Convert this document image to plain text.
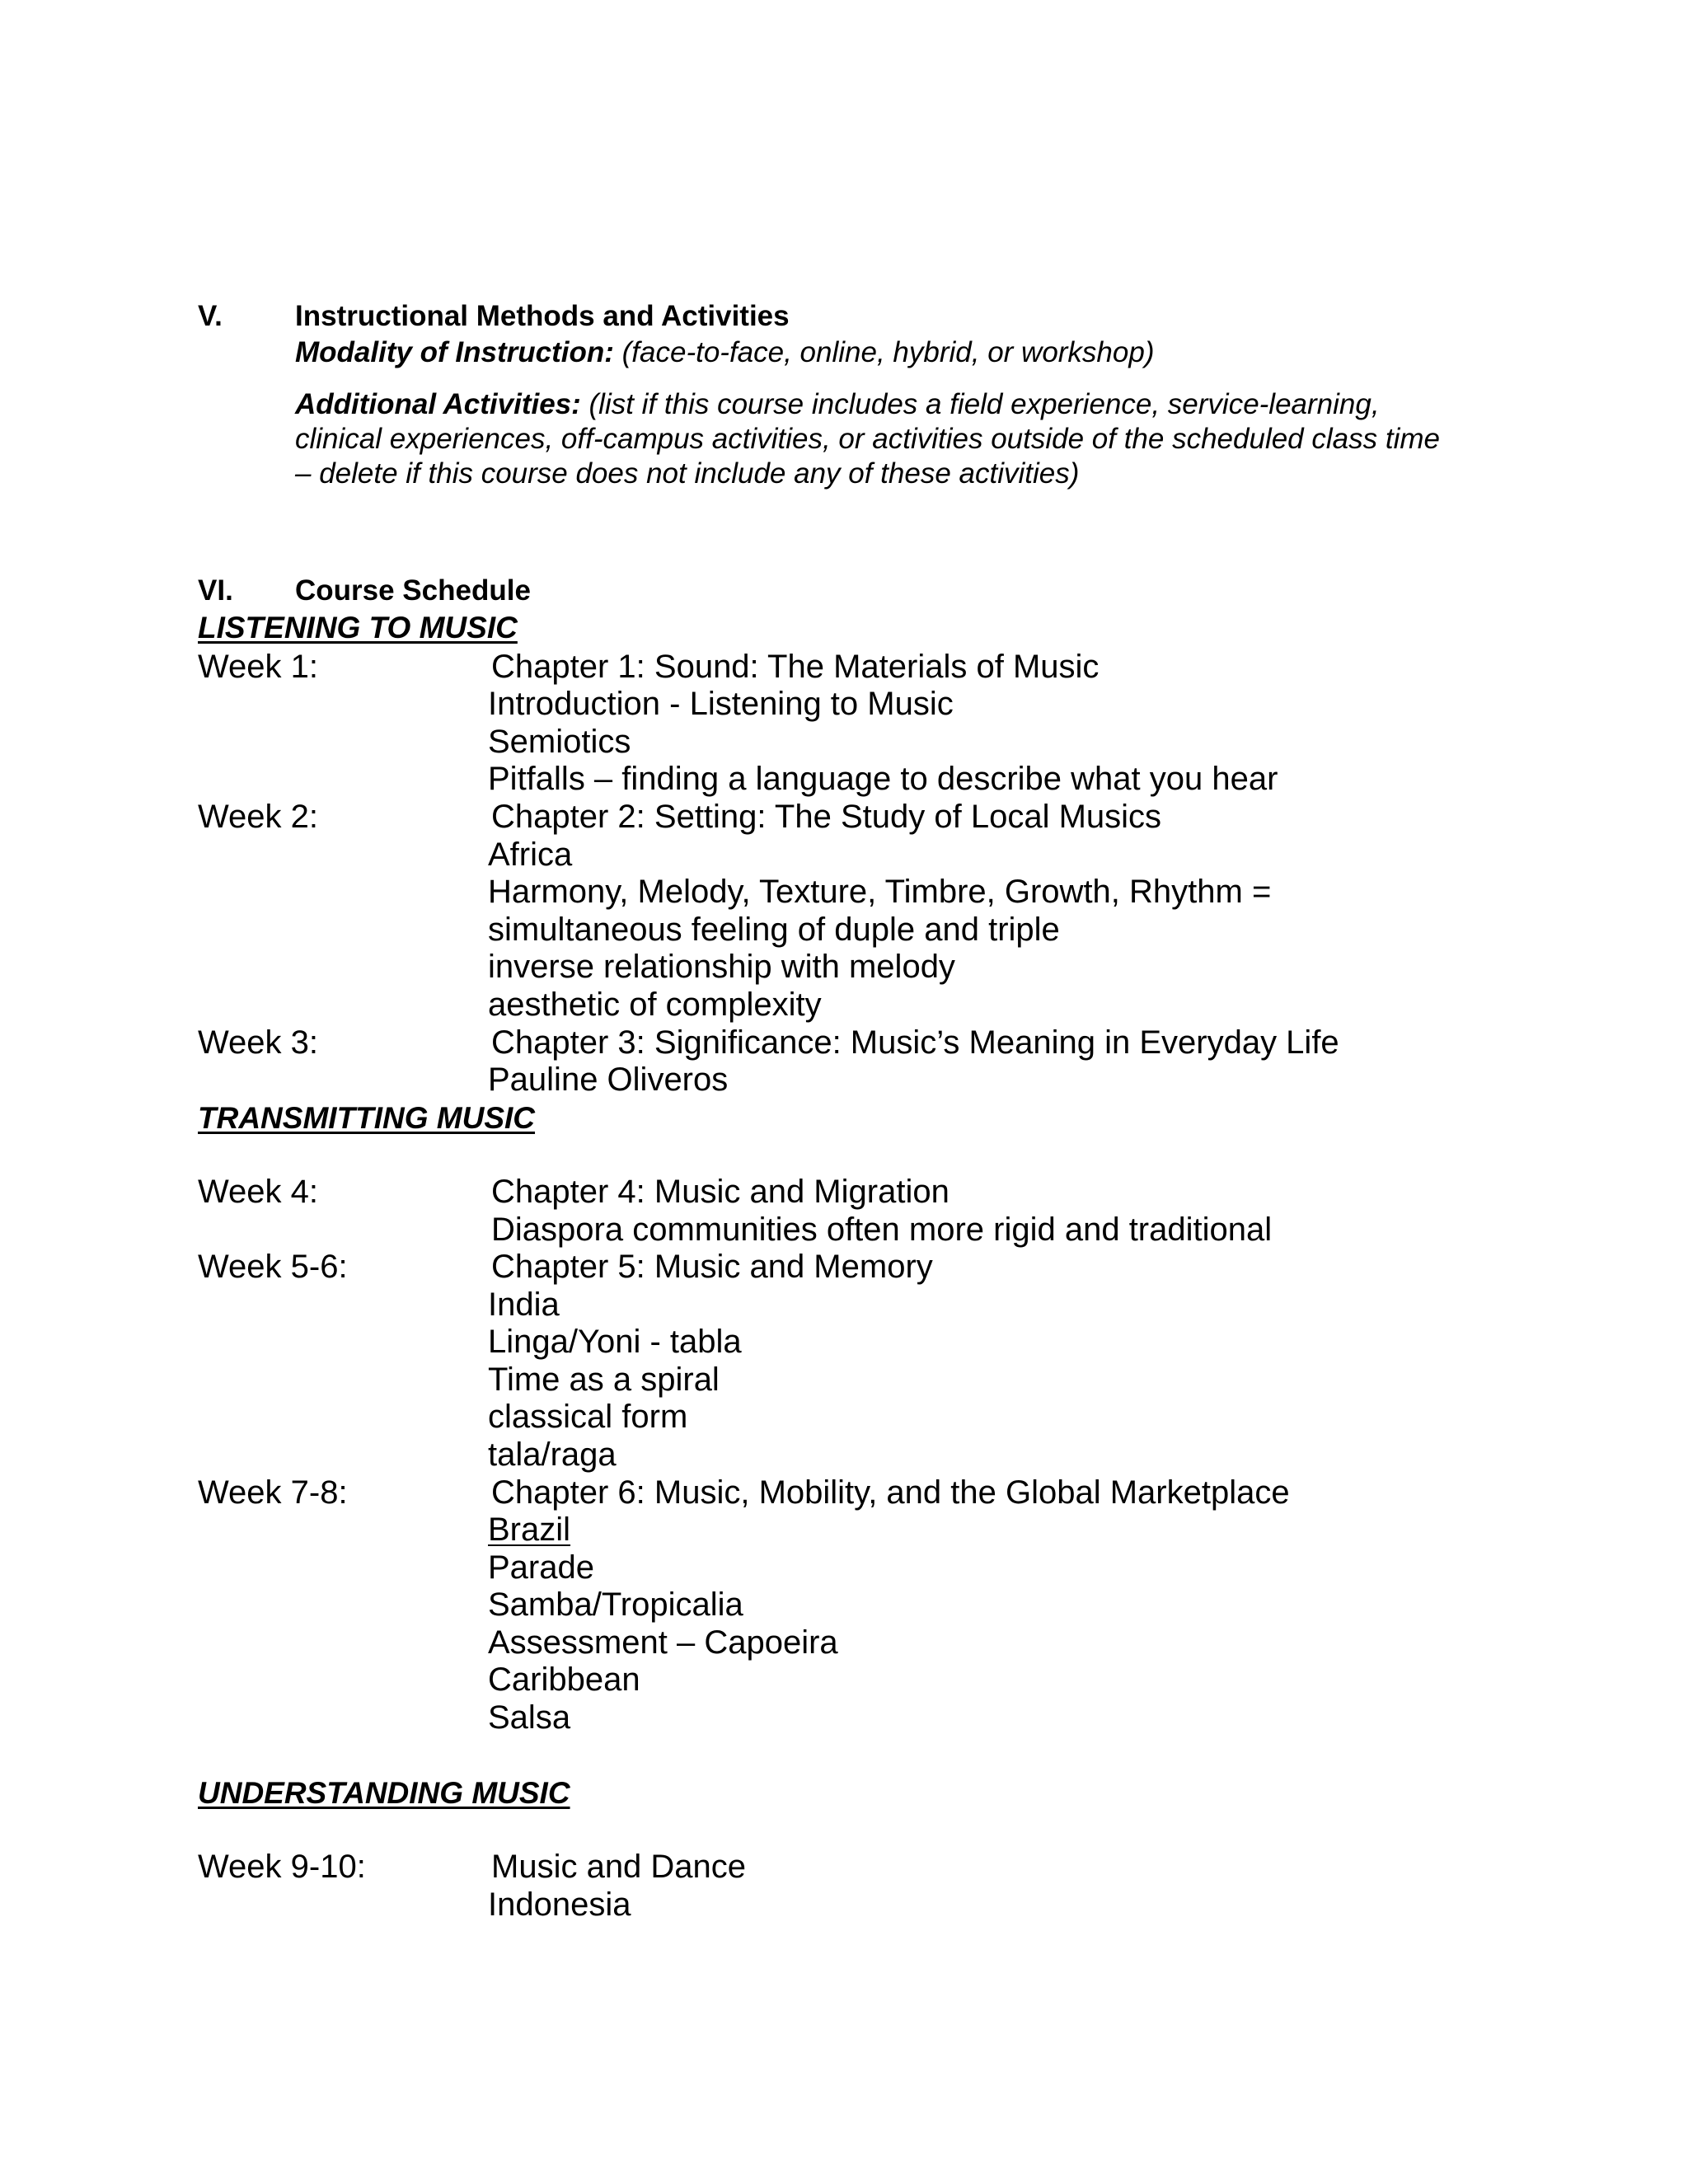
V.	Instructional Methods and Activities
Modality of Instruction: (face-to-face, online, hybrid, or workshop)
Additional Activities: (list if this course includes a field experience, service-learning, clinical experiences, off-campus activities, or activities outside of the scheduled class time – delete if this course does not include any of these activities)
VI. Course Schedule
LISTENING TO MUSIC
Week 1:	Chapter 1: Sound: The Materials of Music
Introduction - Listening to Music
Semiotics
Pitfalls – finding a language to describe what you hear
Week 2:	Chapter 2: Setting: The Study of Local Musics
Africa
Harmony, Melody, Texture, Timbre, Growth, Rhythm =
simultaneous feeling of duple and triple
inverse relationship with melody
aesthetic of complexity
Week 3:	Chapter 3: Significance: Music’s Meaning in Everyday Life
Pauline Oliveros
TRANSMITTING MUSIC
Week 4:	Chapter 4: Music and Migration
Diaspora communities often more rigid and traditional
Week 5-6:	Chapter 5: Music and Memory
India
Linga/Yoni - tabla
Time as a spiral
classical form
tala/raga
Week 7-8:	Chapter 6: Music, Mobility, and the Global Marketplace
Brazil
Parade
Samba/Tropicalia
Assessment – Capoeira
Caribbean
Salsa
UNDERSTANDING MUSIC
Week 9-10:	Music and Dance
Indonesia
